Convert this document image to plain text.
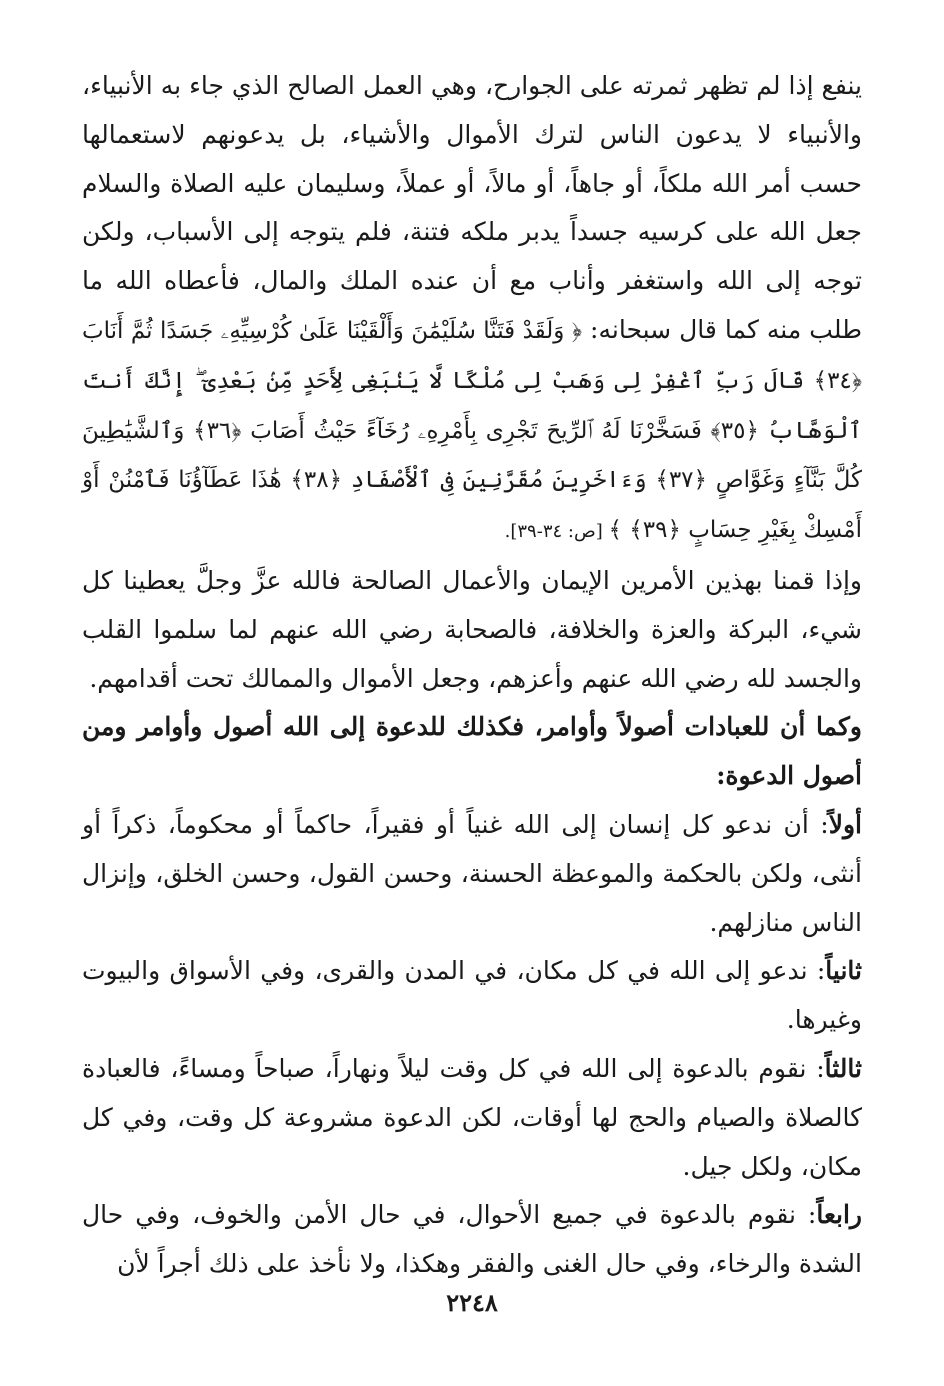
ينفع إذا لم تظهر ثمرته على الجوارح، وهي العمل الصالح الذي جاء به الأنبياء، والأنبياء لا يدعون الناس لترك الأموال والأشياء، بل يدعونهم لاستعمالها حسب أمر الله ملكاً، أو جاهاً، أو مالاً، أو عملاً، وسليمان عليه الصلاة والسلام جعل الله على كرسيه جسداً يدبر ملكه فتنة، فلم يتوجه إلى الأسباب، ولكن توجه إلى الله واستغفر وأناب مع أن عنده الملك والمال، فأعطاه الله ما طلب منه كما قال سبحانه: ﴿ وَلَقَدْ فَتَنَّا سُلَيْمَٰنَ وَأَلْقَيْنَا عَلَىٰ كُرْسِيِّهِۦ جَسَدًا ثُمَّ أَنَابَ ﴿٣٤﴾ قَالَ رَبِّ ٱغْفِرْ لِى وَهَبْ لِى مُلْكًا لَّا يَنۢبَغِى لِأَحَدٍ مِّنۢ بَعْدِىٓ ۖ إِنَّكَ أَنتَ ٱلْوَهَّابُ ﴿٣٥﴾ فَسَخَّرْنَا لَهُ ٱلرِّيحَ تَجْرِى بِأَمْرِهِۦ رُخَآءً حَيْثُ أَصَابَ ﴿٣٦﴾ وَٱلشَّيَٰطِينَ كُلَّ بَنَّآءٍ وَغَوَّاصٍ ﴿٣٧﴾ وَءَاخَرِينَ مُقَرَّنِينَ فِى ٱلْأَصْفَادِ ﴿٣٨﴾ هَٰذَا عَطَآؤُنَا فَٱمْنُنْ أَوْ أَمْسِكْ بِغَيْرِ حِسَابٍ ﴿٣٩﴾ ﴾ [ص: ٣٤-٣٩].

وإذا قمنا بهذين الأمرين الإيمان والأعمال الصالحة فالله عزَّ وجلَّ يعطينا كل شيء، البركة والعزة والخلافة، فالصحابة رضي الله عنهم لما سلموا القلب والجسد لله رضي الله عنهم وأعزهم، وجعل الأموال والممالك تحت أقدامهم.

وكما أن للعبادات أصولاً وأوامر، فكذلك للدعوة إلى الله أصول وأوامر ومن أصول الدعوة:

أولاً: أن ندعو كل إنسان إلى الله غنياً أو فقيراً، حاكماً أو محكوماً، ذكراً أو أنثى، ولكن بالحكمة والموعظة الحسنة، وحسن القول، وحسن الخلق، وإنزال الناس منازلهم.

ثانياً: ندعو إلى الله في كل مكان، في المدن والقرى، وفي الأسواق والبيوت وغيرها.

ثالثاً: نقوم بالدعوة إلى الله في كل وقت ليلاً ونهاراً، صباحاً ومساءً، فالعبادة كالصلاة والصيام والحج لها أوقات، لكن الدعوة مشروعة كل وقت، وفي كل مكان، ولكل جيل.

رابعاً: نقوم بالدعوة في جميع الأحوال، في حال الأمن والخوف، وفي حال الشدة والرخاء، وفي حال الغنى والفقر وهكذا، ولا نأخذ على ذلك أجراً لأن

٢٢٤٨
